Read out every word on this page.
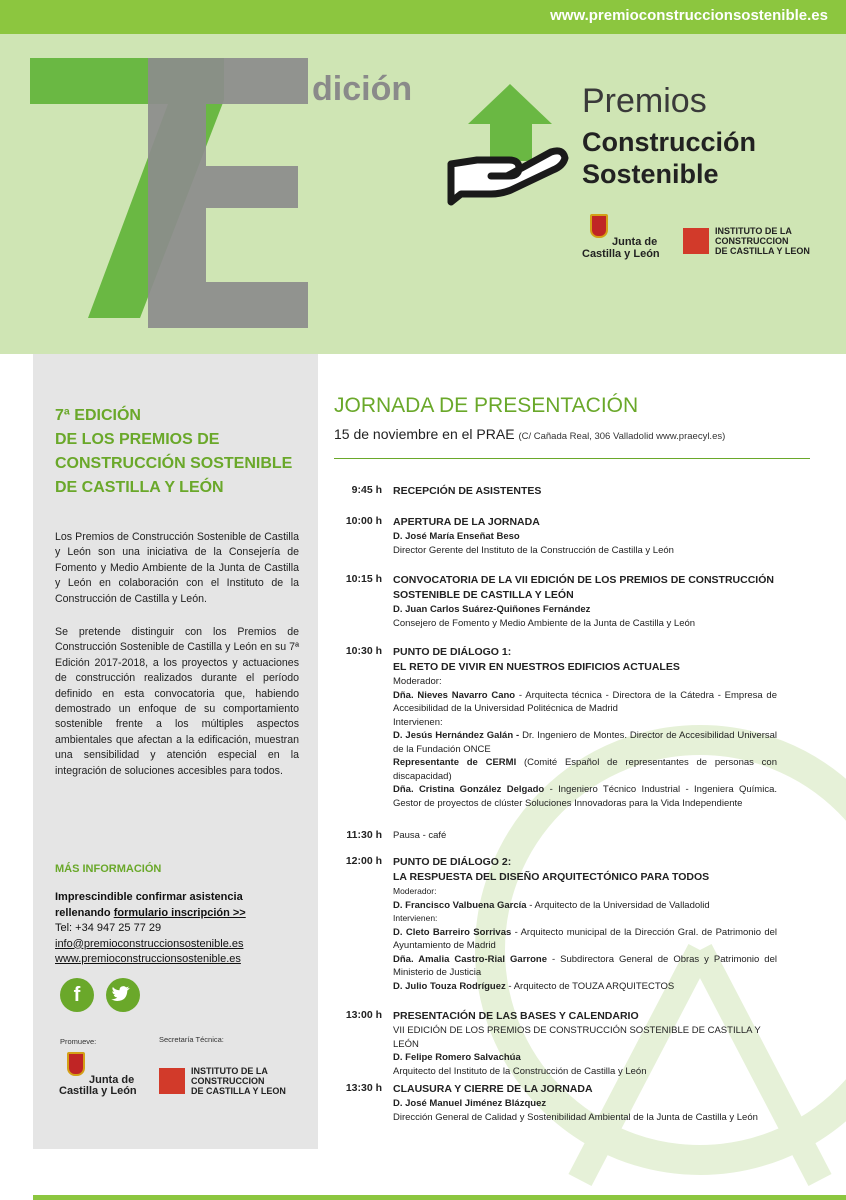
www.premioconstruccionsostenible.es
dición	Premios
Construcción
Sostenible
Junta de
Castilla y León
INSTITUTO DE LA
CONSTRUCCION
DE CASTILLA Y LEON
7ª EDICIÓN
DE LOS PREMIOS DE
CONSTRUCCIÓN SOSTENIBLE
DE CASTILLA Y LEÓN

Los Premios de Construcción Sostenible de Castilla y León son una iniciativa de la Consejería de Fomento y Medio Ambiente de la Junta de Castilla y León en colaboración con el Instituto de la Construcción de Castilla y León.

Se pretende distinguir con los Premios de Construcción Sostenible de Castilla y León en su 7ª Edición 2017-2018, a los proyectos y actuaciones de construcción realizados durante el período definido en esta convocatoria que, habiendo demostrado un enfoque de su comportamiento sostenible frente a los múltiples aspectos ambientales que afectan a la edificación, muestran una sensibilidad y atención especial en la integración de soluciones accesibles para todos.

MÁS INFORMACIÓN
Imprescindible confirmar asistencia
rellenando formulario inscripción >>
Tel: +34 947 25 77 29
info@premioconstruccionsostenible.es
www.premioconstruccionsostenible.es
f
Promueve:	Secretaría Técnica:
Junta de
Castilla y León
INSTITUTO DE LA
CONSTRUCCION
DE CASTILLA Y LEON
JORNADA DE PRESENTACIÓN
15 de noviembre en el PRAE (C/ Cañada Real, 306 Valladolid www.praecyl.es)
9:45 h RECEPCIÓN DE ASISTENTES
10:00 h APERTURA DE LA JORNADA
D. José María Enseñat Beso
Director Gerente del Instituto de la Construcción de Castilla y León
10:15 h CONVOCATORIA DE LA VII EDICIÓN DE LOS PREMIOS DE CONSTRUCCIÓN SOSTENIBLE DE CASTILLA Y LEÓN
D. Juan Carlos Suárez-Quiñones Fernández
Consejero de Fomento y Medio Ambiente de la Junta de Castilla y León
10:30 h PUNTO DE DIÁLOGO 1:
EL RETO DE VIVIR EN NUESTROS EDIFICIOS ACTUALES
Moderador:
Dña. Nieves Navarro Cano - Arquitecta técnica - Directora de la Cátedra - Empresa de Accesibilidad de la Universidad Politécnica de Madrid
Intervienen:
D. Jesús Hernández Galán - Dr. Ingeniero de Montes. Director de Accesibilidad Universal de la Fundación ONCE
Representante de CERMI (Comité Español de representantes de personas con discapacidad)
Dña. Cristina González Delgado - Ingeniero Técnico Industrial - Ingeniera Química. Gestor de proyectos de clúster Soluciones Innovadoras para la Vida Independiente
11:30 h Pausa - café
12:00 h PUNTO DE DIÁLOGO 2:
LA RESPUESTA DEL DISEÑO ARQUITECTÓNICO PARA TODOS
Moderador:
D. Francisco Valbuena García - Arquitecto de la Universidad de Valladolid
Intervienen:
D. Cleto Barreiro Sorrivas - Arquitecto municipal de la Dirección Gral. de Patrimonio del Ayuntamiento de Madrid
Dña. Amalia Castro-Rial Garrone - Subdirectora General de Obras y Patrimonio del Ministerio de Justicia
D. Julio Touza Rodríguez - Arquitecto de TOUZA ARQUITECTOS
13:00 h PRESENTACIÓN DE LAS BASES Y CALENDARIO
VII EDICIÓN DE LOS PREMIOS DE CONSTRUCCIÓN SOSTENIBLE DE CASTILLA Y LEÓN
D. Felipe Romero Salvachúa
Arquitecto del Instituto de la Construcción de Castilla y León
13:30 h CLAUSURA Y CIERRE DE LA JORNADA
D. José Manuel Jiménez Blázquez
Dirección General de Calidad y Sostenibilidad Ambiental de la Junta de Castilla y León
